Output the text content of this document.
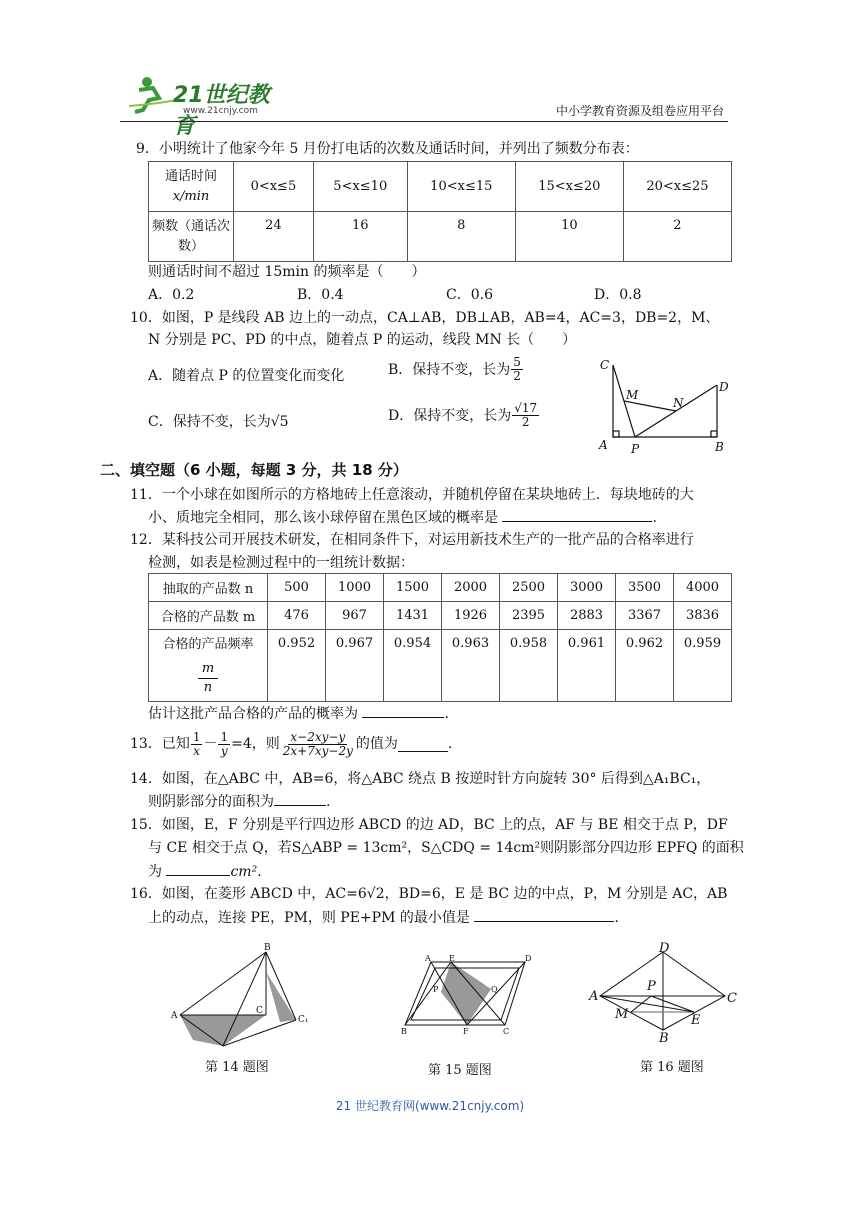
21世纪教育
www.21cnjy.com	中小学教育资源及组卷应用平台
9．小明统计了他家今年 5 月份打电话的次数及通话时间，并列出了频数分布表：
通话时间
x/min	0<x≤5	5<x≤10	10<x≤15	15<x≤20	20<x≤25

频数（通话次
数）	24	16	8	10	2
则通话时间不超过 15min 的频率是（　　）
A．0.2	B．0.4	C．0.6	D．0.8
10．如图，P 是线段 AB 边上的一动点，CA⊥AB，DB⊥AB，AB=4，AC=3，DB=2，M、
N 分别是 PC、PD 的中点，随着点 P 的运动，线段 MN 长（　　）
A．随着点 P 的位置变化而变化	B．保持不变，长为 $\frac{5}{2}$
C．保持不变，长为√5	D．保持不变，长为 $\frac{√17}{2}$
C
M
N
D
A P	B
二、填空题（6 小题，每题 3 分，共 18 分）
11．一个小球在如图所示的方格地砖上任意滚动，并随机停留在某块地砖上．每块地砖的大
小、质地完全相同，那么该小球停留在黑色区域的概率是	.
12．某科技公司开展技术研发，在相同条件下，对运用新技术生产的一批产品的合格率进行
检测，如表是检测过程中的一组统计数据：
抽取的产品数 n	500	1000	1500	2000	2500	3000	3500	4000
合格的产品数 m	476	967	1431	1926	2395	2883	3367	3836

合格的产品频率
$\frac{m}{n}$	0.952	0.967	0.954	0.963	0.958	0.961	0.962	0.959
估计这批产品合格的产品的概率为	.
13．已知 $\frac{1}{x} - \frac{1}{y} =4$，则 $\frac{x-2xy-y}{2x+7xy-2y}$ 的值为	.
14．如图，在△ABC 中，AB=6，将△ABC 绕点 B 按逆时针方向旋转 30° 后得到△A₁BC₁，
则阴影部分的面积为	.
15．如图，E，F 分别是平行四边形 ABCD 的边 AD，BC 上的点，AF 与 BE 相交于点 P，DF
与 CE 相交于点 Q，若S△ABP = 13cm²，S△CDQ = 14cm²则阴影部分四边形 EPFQ 的面积
为	cm².
16．如图，在菱形 ABCD 中，AC=6√2，BD=6，E 是 BC 边的中点，P，M 分别是 AC，AB
上的动点，连接 PE，PM，则 PE+PM 的最小值是	.
B
A	C
C₁
第 14 题图
A E	D
P	Q
B	F	C
第 15 题图
D
A
P
C
M	E
B
第 16 题图
21 世纪教育网(www.21cnjy.com)
